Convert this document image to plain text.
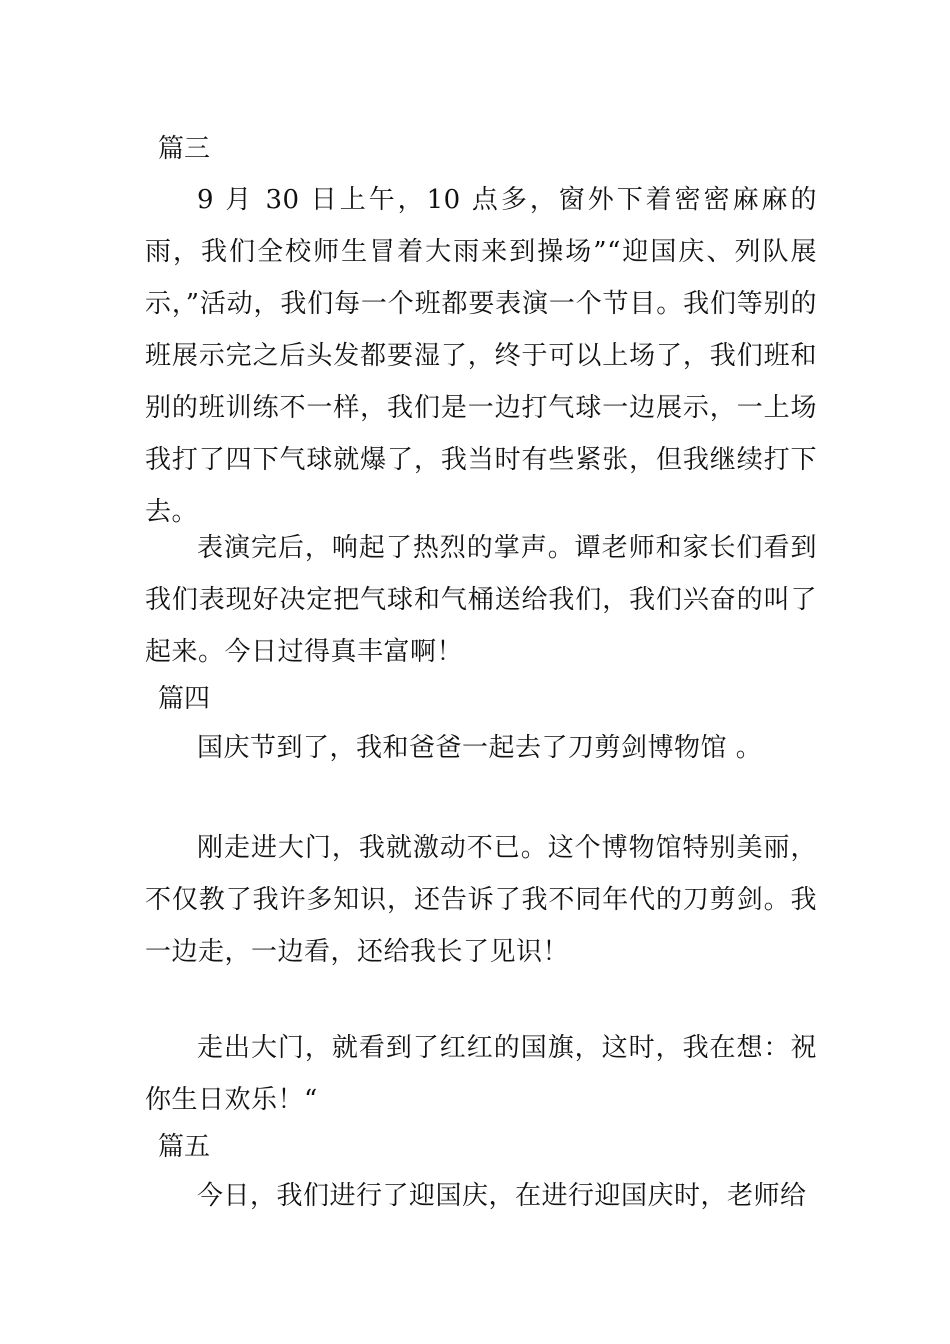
篇三
9 月 30 日上午，10 点多，窗外下着密密麻麻的雨，我们全校师生冒着大雨来到操场”“迎国庆、列队展示，”活动，我们每一个班都要表演一个节目。我们等别的班展示完之后头发都要湿了，终于可以上场了，我们班和别的班训练不一样，我们是一边打气球一边展示，一上场我打了四下气球就爆了，我当时有些紧张，但我继续打下去。
表演完后，响起了热烈的掌声。谭老师和家长们看到我们表现好决定把气球和气桶送给我们，我们兴奋的叫了起来。今日过得真丰富啊！
篇四
国庆节到了，我和爸爸一起去了刀剪剑博物馆 。
刚走进大门，我就激动不已。这个博物馆特别美丽，不仅教了我许多知识，还告诉了我不同年代的刀剪剑。我一边走，一边看，还给我长了见识！
走出大门，就看到了红红的国旗，这时，我在想：祝你生日欢乐！“
篇五
今日，我们进行了迎国庆，在进行迎国庆时，老师给
